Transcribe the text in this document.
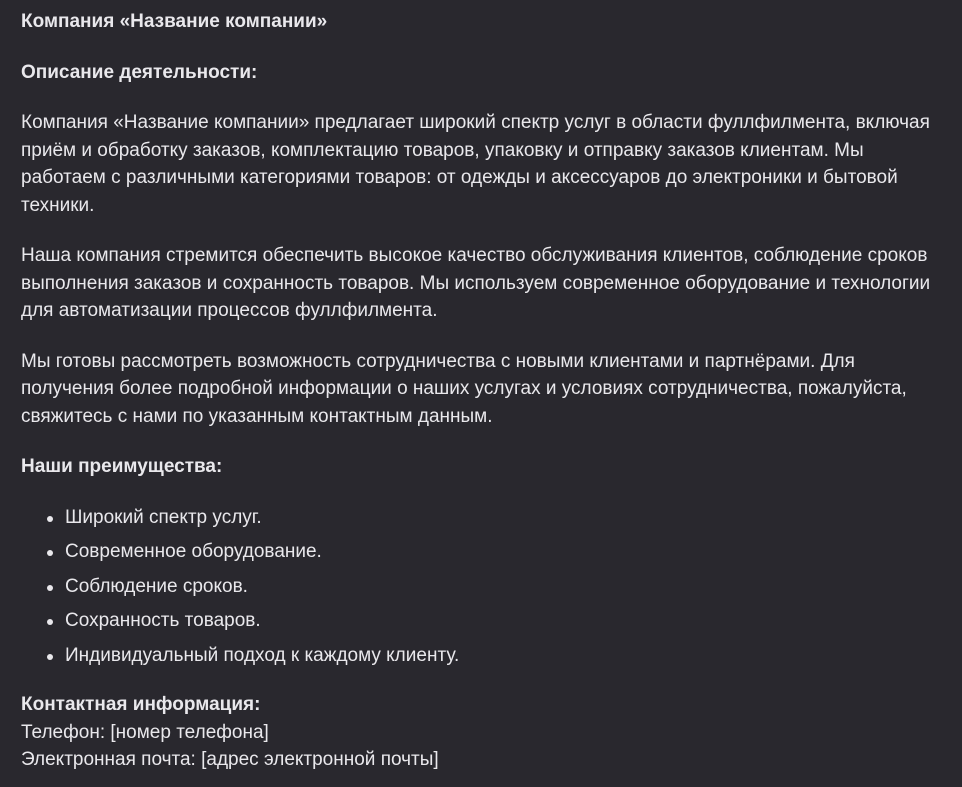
Компания «Название компании»

Описание деятельности:

Компания «Название компании» предлагает широкий спектр услуг в области фуллфилмента, включая приём и обработку заказов, комплектацию товаров, упаковку и отправку заказов клиентам. Мы работаем с различными категориями товаров: от одежды и аксессуаров до электроники и бытовой техники.

Наша компания стремится обеспечить высокое качество обслуживания клиентов, соблюдение сроков выполнения заказов и сохранность товаров. Мы используем современное оборудование и технологии для автоматизации процессов фуллфилмента.

Мы готовы рассмотреть возможность сотрудничества с новыми клиентами и партнёрами. Для получения более подробной информации о наших услугах и условиях сотрудничества, пожалуйста, свяжитесь с нами по указанным контактным данным.

Наши преимущества:

Широкий спектр услуг.
Современное оборудование.
Соблюдение сроков.
Сохранность товаров.
Индивидуальный подход к каждому клиенту.

Контактная информация:

Телефон: [номер телефона]

Электронная почта: [адрес электронной почты]
